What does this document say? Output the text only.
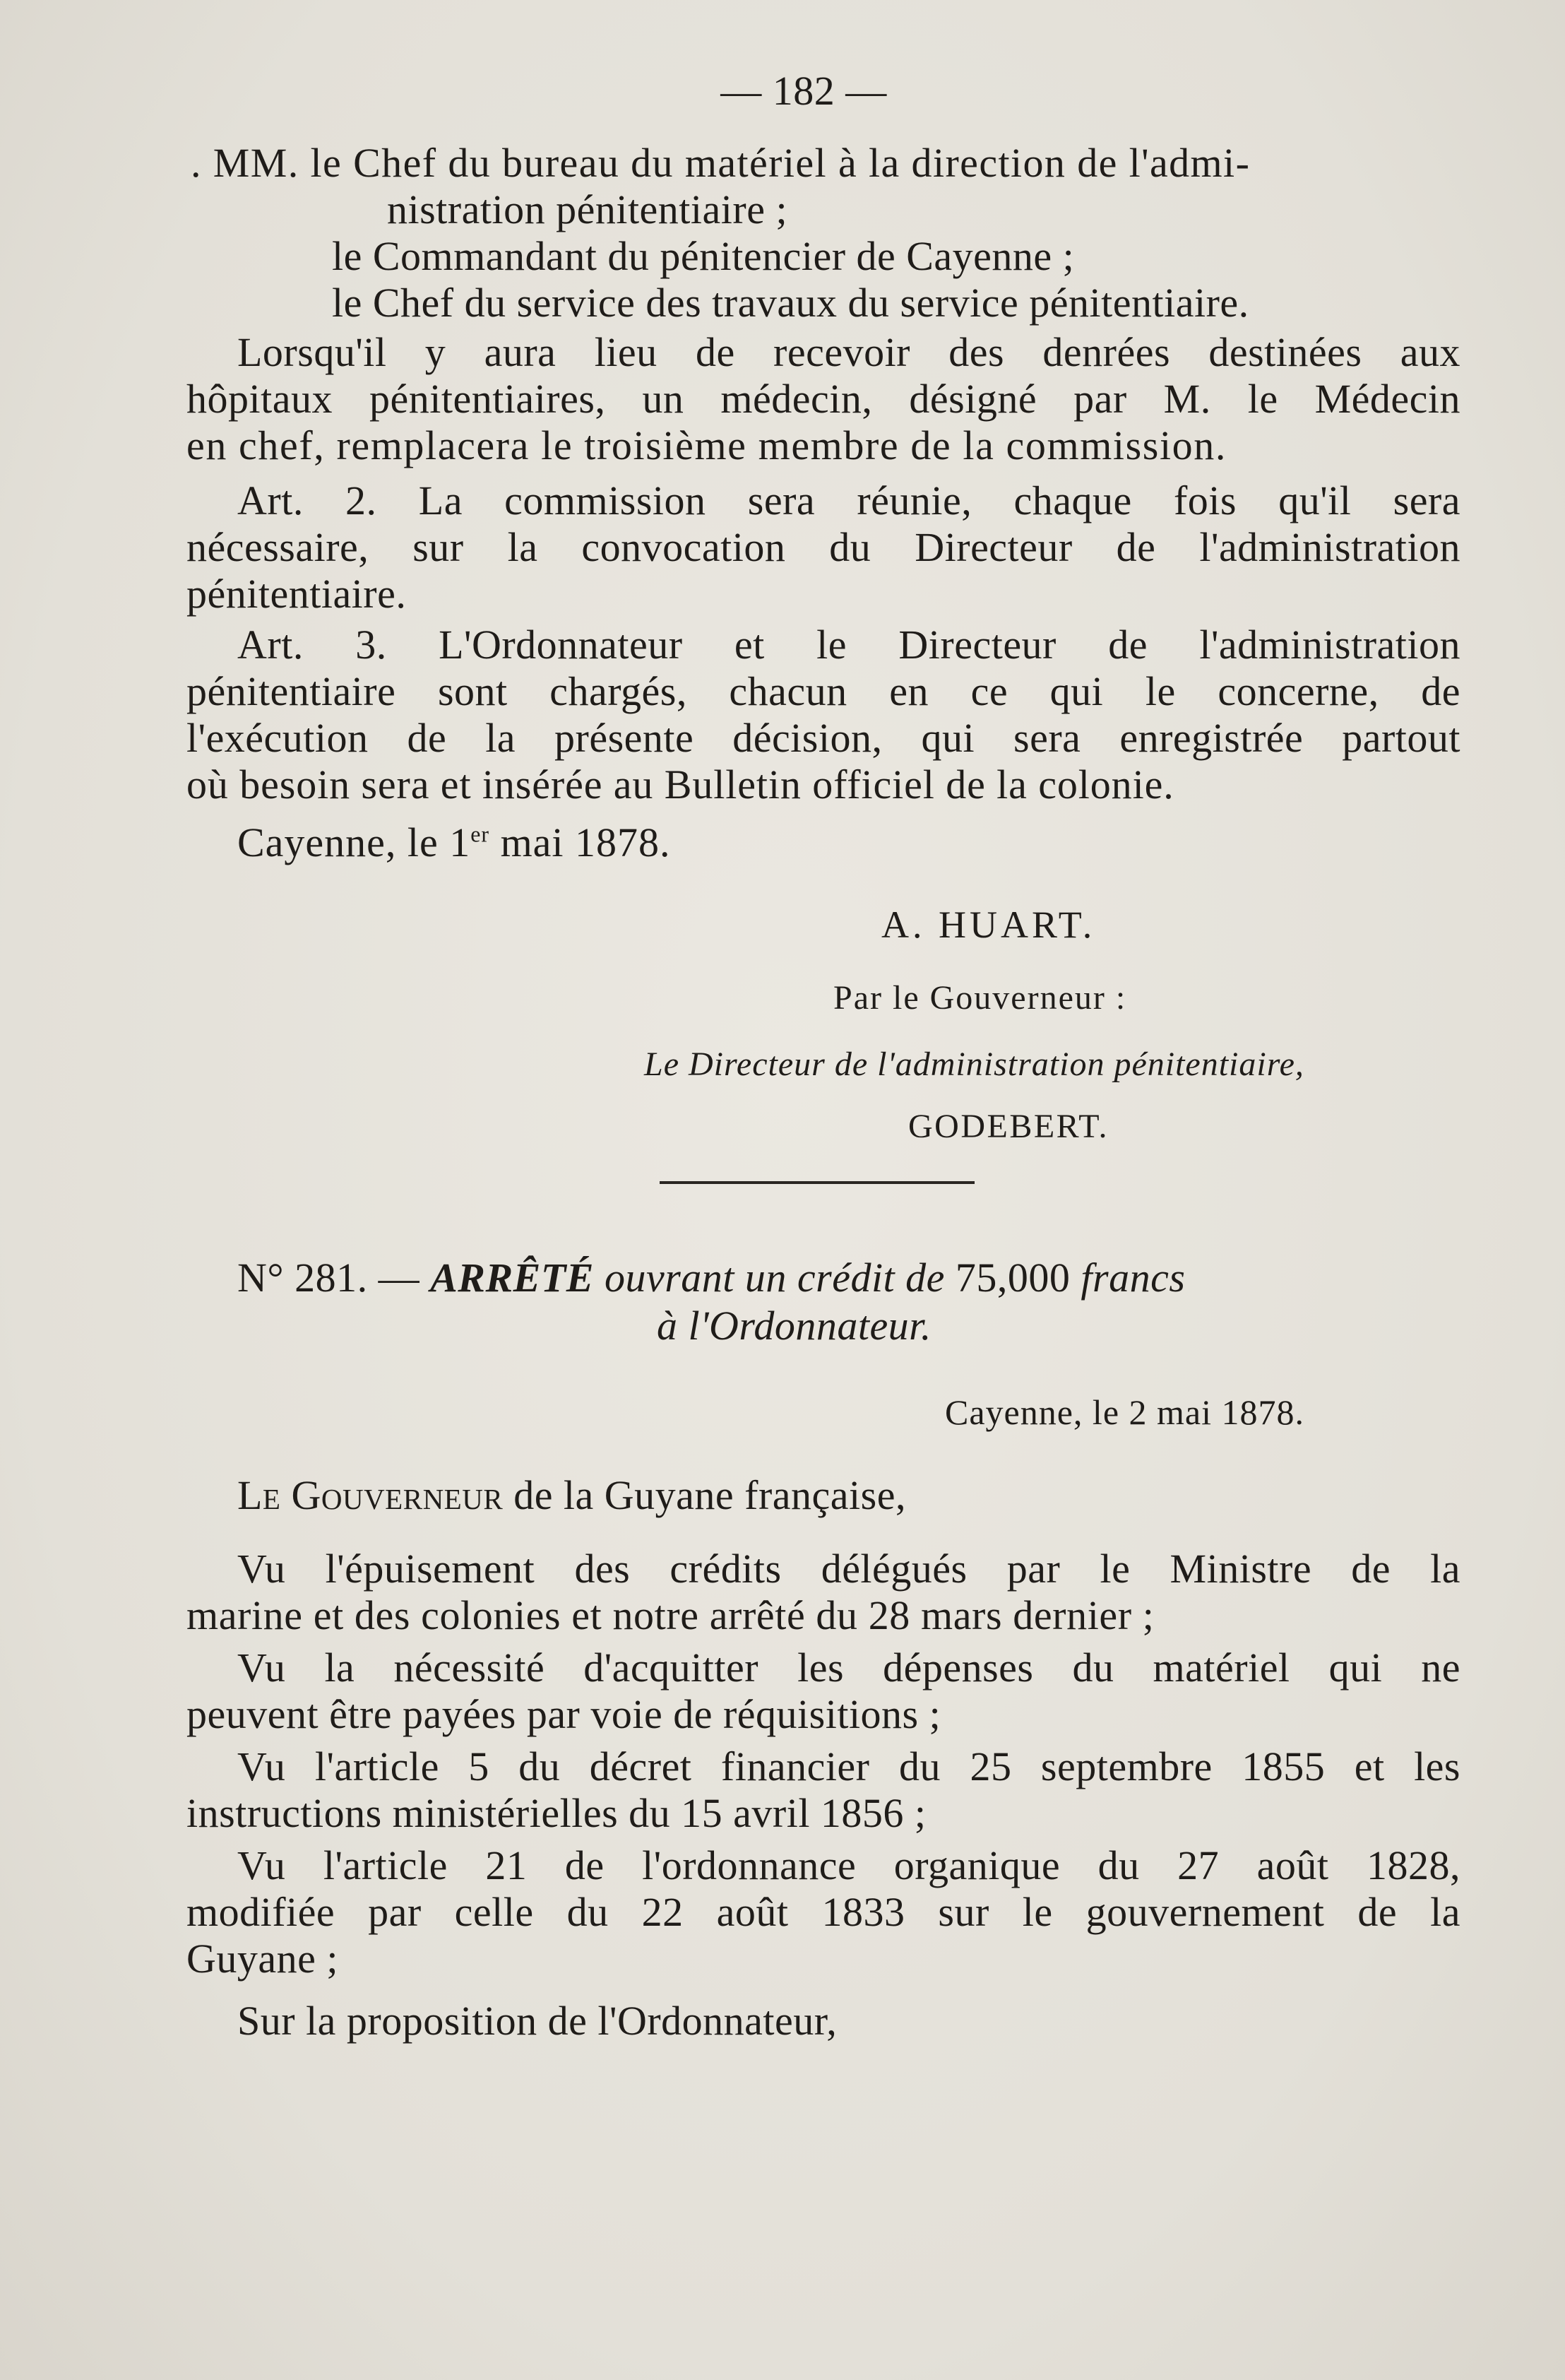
— 182 —
. MM. le Chef du bureau du matériel à la direction de l'admi-
nistration pénitentiaire ;
le Commandant du pénitencier de Cayenne ;
le Chef du service des travaux du service pénitentiaire.
Lorsqu'il y aura lieu de recevoir des denrées destinées aux
hôpitaux pénitentiaires, un médecin, désigné par M. le Médecin
en chef, remplacera le troisième membre de la commission.
Art. 2. La commission sera réunie, chaque fois qu'il sera
nécessaire, sur la convocation du Directeur de l'administration
pénitentiaire.
Art. 3. L'Ordonnateur et le Directeur de l'administration
pénitentiaire sont chargés, chacun en ce qui le concerne, de
l'exécution de la présente décision, qui sera enregistrée partout
où besoin sera et insérée au Bulletin officiel de la colonie.
Cayenne, le 1er mai 1878.
A. HUART.
Par le Gouverneur :
Le Directeur de l'administration pénitentiaire,
GODEBERT.
N° 281. — ARRÊTÉ ouvrant un crédit de 75,000 francs
à l'Ordonnateur.
Cayenne, le 2 mai 1878.
Le Gouverneur de la Guyane française,
Vu l'épuisement des crédits délégués par le Ministre de la
marine et des colonies et notre arrêté du 28 mars dernier ;
Vu la nécessité d'acquitter les dépenses du matériel qui ne
peuvent être payées par voie de réquisitions ;
Vu l'article 5 du décret financier du 25 septembre 1855 et les
instructions ministérielles du 15 avril 1856 ;
Vu l'article 21 de l'ordonnance organique du 27 août 1828,
modifiée par celle du 22 août 1833 sur le gouvernement de la
Guyane ;
Sur la proposition de l'Ordonnateur,
